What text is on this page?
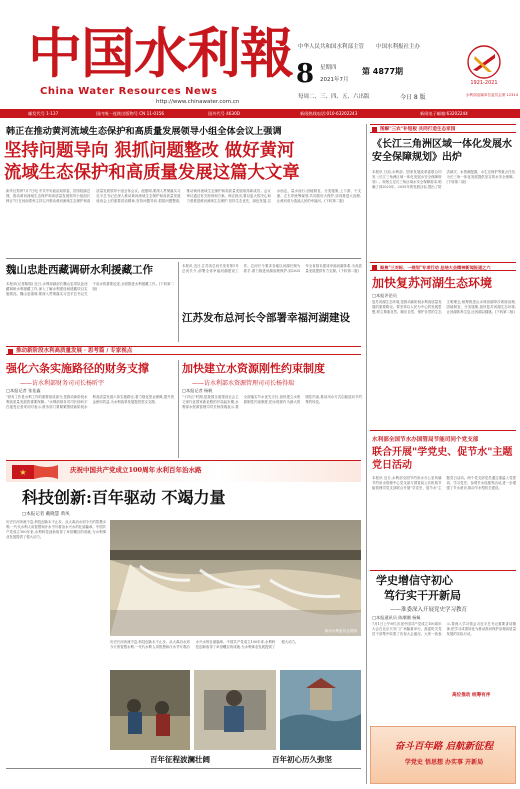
中国水利報
China Water Resources News
http://www.chinawater.com.cn
中华人民共和国水利部主管 中国水利报社主办
8 星期四
2021年7月
第 4877期
每周二、三、四、五、六出版	今日 8 版
1921-2021
水利部直属单位委员会第 12314
邮发代号 1-137	国内统一连续出版物号 CN 11-0156	国外代号 4630D	新闻热线电话:010-63202243	新闻电子邮箱:63202244
韩正在推动黄河流域生态保护和高质量发展领导小组全体会议上强调
坚持问题导向 狠抓问题整改 做好黄河
流域生态保护和高质量发展这篇大文章
新华社郑州7月7日电 中共中央政治局常委、国务院副总理、推动黄河流域生态保护和高质量发展领导小组组长韩正7日在河南郑州主持召开推动黄河流域生态保护和高质量发展领导小组全体会议。他强调,要深入贯彻落实习近平总书记在深入推动黄河流域生态保护和高质量发展座谈会上的重要讲话精神,坚持问题导向,狠抓问题整改,推动黄河流域生态保护和高质量发展取得新成效。会议审议通过有关规划和方案。韩正指出,要以更大的决心和力度推进黄河流域生态保护,坚持生态优先、绿色发展,以水而定、量水而行,因地制宜、分类施策,上下游、干支流、左右岸统筹谋划,共同抓好大保护,协同推进大治理,让黄河成为造福人民的幸福河。(下转第二版)
魏山忠赴西藏调研水利援藏工作
本报讯(记者陈瑞) 近日,水利部副部长魏山忠带队赴西藏调研水利援藏工作,深入了解水利建设和援藏项目实施情况。魏山忠强调,要深入贯彻落实习近平总书记关于治水的重要论述,全面推进水利援藏工作。(下转第二版)
江苏发布总河长令部署幸福河湖建设
本报讯 近日,江苏省总河长发布第1号总河长令,部署全省幸福河湖建设工作。总河长令要求各地以河湖长制为抓手,着力推进河湖治理保护,到2025年全省基本建成幸福河湖体系,为高质量发展提供有力支撑。(下转第二版)
推动新阶段水利高质量发展 · 思考篇 / 专家视点
强化六条实施路径的财务支撑
——访水利部财务司司长杨昕宇
□本报记者 张佳鑫
"财务工作是水利工作的重要组成部分,是推动新阶段水利高质量发展的重要保障。"水利部财务司司长杨昕宇在接受记者采访时表示,财务部门要紧紧围绕新阶段水利高质量发展六条实施路径,着力强化资金保障,提升资金使用效益,为水利改革发展提供坚实支撑。
加快建立水资源刚性约束制度
——访水利部水资源管理司司长杨得瑞
□本报记者 杨帆
"十四五"时期,是我国全面建设社会主义现代化国家新征程的开局起步期,水利部水资源管理司司长杨得瑞表示,要全面落实节水优先方针,加快建立水资源刚性约束制度,把水资源作为最大的刚性约束,推动用水方式由粗放向节约集约转变。
庆祝中国共产党成立100周年 水利百年治水路
★
科技创新:百年驱动 不竭力量
□本报记者 戴晓慧 黄凤
历史长河奔流不息,科技创新永不止步。从大禹治水到今天的智慧水利,一代代水利人用智慧和汗水书写着治水兴水的壮丽篇章。中国共产党成立100年来,水利科技创新取得了举世瞩目的成就,为水利事业发展提供了强大动力。
黄河水利委员会供图
历史长河奔流不息,科技创新永不止步。从大禹治水到今天的智慧水利,一代代水利人用智慧和汗水书写着治水兴水的壮丽篇章。中国共产党成立100年来,水利科技创新取得了举世瞩目的成就,为水利事业发展提供了强大动力。
百年征程波澜壮阔	百年初心历久弥坚
图解"三农"补短板 共同打造生态家园
《长江三角洲区域一体化发展水安全保障规划》出炉
本报讯 日前,水利部、国家发展改革委联合印发《长江三角洲区域一体化发展水安全保障规划》。规划立足长三角区域水安全保障需求,明确了到2025年、2035年的发展目标,提出了防洪减灾、水资源配置、水生态保护等重点任务,为长三角一体化发展提供坚实的水安全保障。(下转第二版)
聚焦"三对标、一规划"专项行动 总结大会精神新闻报道之六
加快复苏河湖生态环境
□本报评论员
复苏河湖生态环境,是推动新阶段水利高质量发展的重要路径。要坚持以人民为中心的发展思想,树立尊重自然、顺应自然、保护自然的生态文明理念,统筹推进山水林田湖草沙系统治理,因地制宜、分类施策,加快复苏河湖生态环境,让河湖休养生息,还河湖以健康。(下转第二版)
水利部全国节水办国管局节能司同个党支部
联合开展"学党史、促节水"主题党日活动
本报讯 近日,水利部全国节约用水办公室所属节约用水管理中心党支部与国管局公共机构节能管理司党支部联合开展"学党史、促节水"主题党日活动。两个党支部党员通过重温入党誓词、学习党史、参观节水设施等活动,进一步增强了节水意识,推动节水型机关建设。
学史增信守初心
笃行实干开新局
——淮委深入开展党史学习教育
□本报通讯员 陈潮潮 杨佩
7月1日上午9时,庆祝中国共产党成立100周年大会在北京天安门广场隆重举行。淮委机关党员干部集中收看了庆祝大会盛况。大家一致表示,要深入学习领会习近平总书记重要讲话精神,把学习成果转化为推动淮河保护治理高质量发展的实际行动。
高位推动 统筹有序
奋斗百年路 启航新征程
学党史 悟思想 办实事 开新局
